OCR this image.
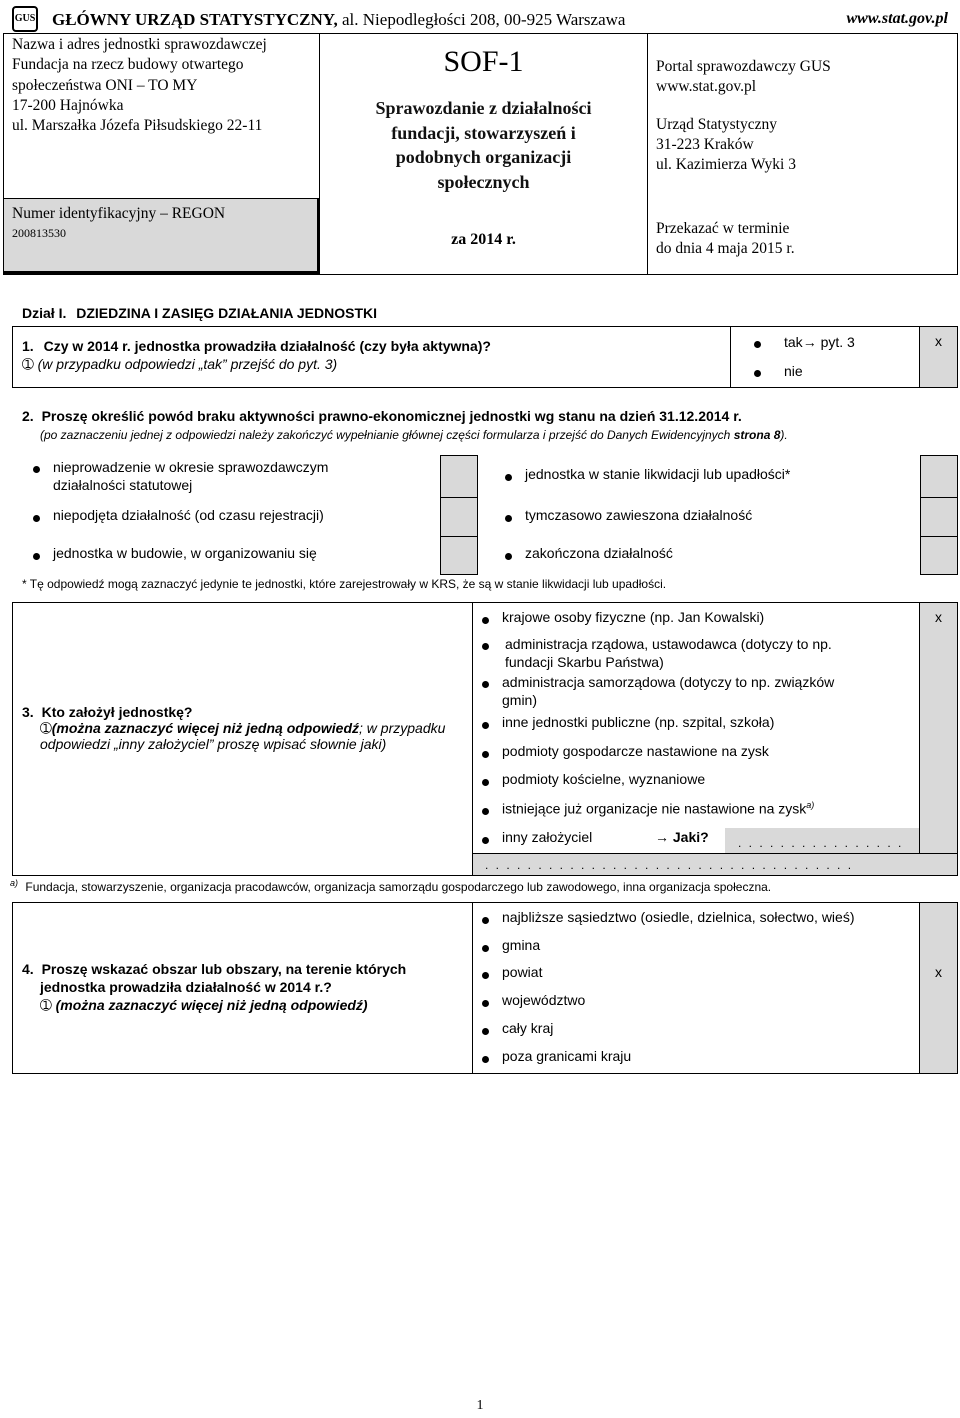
GUS GŁÓWNY URZĄD STATYSTYCZNY, al. Niepodległości 208, 00-925 Warszawa	www.stat.gov.pl
Nazwa i adres jednostki sprawozdawczej
Fundacja na rzecz budowy otwartego
społeczeństwa ONI – TO MY
17-200 Hajnówka
ul. Marszałka Józefa Piłsudskiego 22-11
Numer identyfikacyjny – REGON
200813530
SOF-1
Sprawozdanie z działalności
fundacji, stowarzyszeń i
podobnych organizacji
społecznych
za 2014 r.
Portal sprawozdawczy GUS
www.stat.gov.pl
Urząd Statystyczny
31-223 Kraków
ul. Kazimierza Wyki 3
Przekazać w terminie
do dnia 4 maja 2015 r.
Dział I. DZIEDZINA I ZASIĘG DZIAŁANIA JEDNOSTKI
1. Czy w 2014 r. jednostka prowadziła działalność (czy była aktywna)?
➀ (w przypadku odpowiedzi „tak” przejść do pyt. 3)
tak→ pyt. 3	x
nie
2. Proszę określić powód braku aktywności prawno-ekonomicznej jednostki wg stanu na dzień 31.12.2014 r.
(po zaznaczeniu jednej z odpowiedzi należy zakończyć wypełnianie głównej części formularza i przejść do Danych Ewidencyjnych strona 8).
nieprowadzenie w okresie sprawozdawczym
działalności statutowej
niepodjęta działalność (od czasu rejestracji)
jednostka w budowie, w organizowaniu się
jednostka w stanie likwidacji lub upadłości*
tymczasowo zawieszona działalność
zakończona działalność
* Tę odpowiedź mogą zaznaczyć jedynie te jednostki, które zarejestrowały w KRS, że są w stanie likwidacji lub upadłości.
3. Kto założył jednostkę?
➀(można zaznaczyć więcej niż jedną odpowiedź; w przypadku
odpowiedzi „inny założyciel” proszę wpisać słownie jaki)
krajowe osoby fizyczne (np. Jan Kowalski)	x
administracja rządowa, ustawodawca (dotyczy to np.
fundacji Skarbu Państwa)
administracja samorządowa (dotyczy to np. związków
gmin)
inne jednostki publiczne (np. szpital, szkoła)
podmioty gospodarcze nastawione na zysk
podmioty kościelne, wyznaniowe
istniejące już organizacje nie nastawione na zysk$^{a)}$
inny założyciel	→ Jaki? . . . . . . . . . . . . . . . .
. . . . . . . . . . . . . . . . . . . . . . . . . . . . . . . . . . .
$^{a)}$ Fundacja, stowarzyszenie, organizacja pracodawców, organizacja samorządu gospodarczego lub zawodowego, inna organizacja społeczna.
4. Proszę wskazać obszar lub obszary, na terenie których
jednostka prowadziła działalność w 2014 r.?
➀ (można zaznaczyć więcej niż jedną odpowiedź)
najbliższe sąsiedztwo (osiedle, dzielnica, sołectwo, wieś)
gmina
powiat	x
województwo
cały kraj
poza granicami kraju
1
